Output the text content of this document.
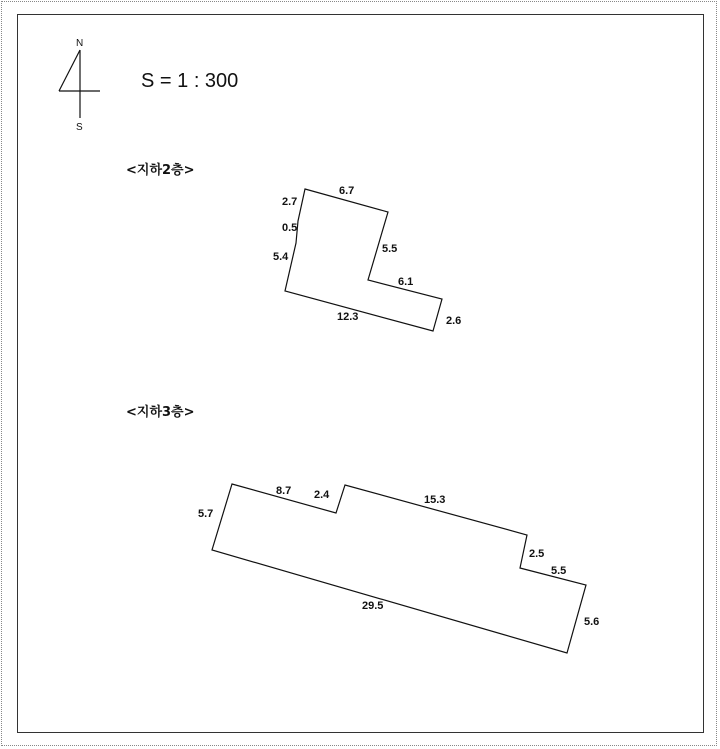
N
S
S = 1 : 300
<지하2층>
6.7
2.7
0.5
5.4
5.5
6.1
2.6
12.3
<지하3층>
8.7 2.4	15.3
5.7
2.5
5.5
5.6
29.5
